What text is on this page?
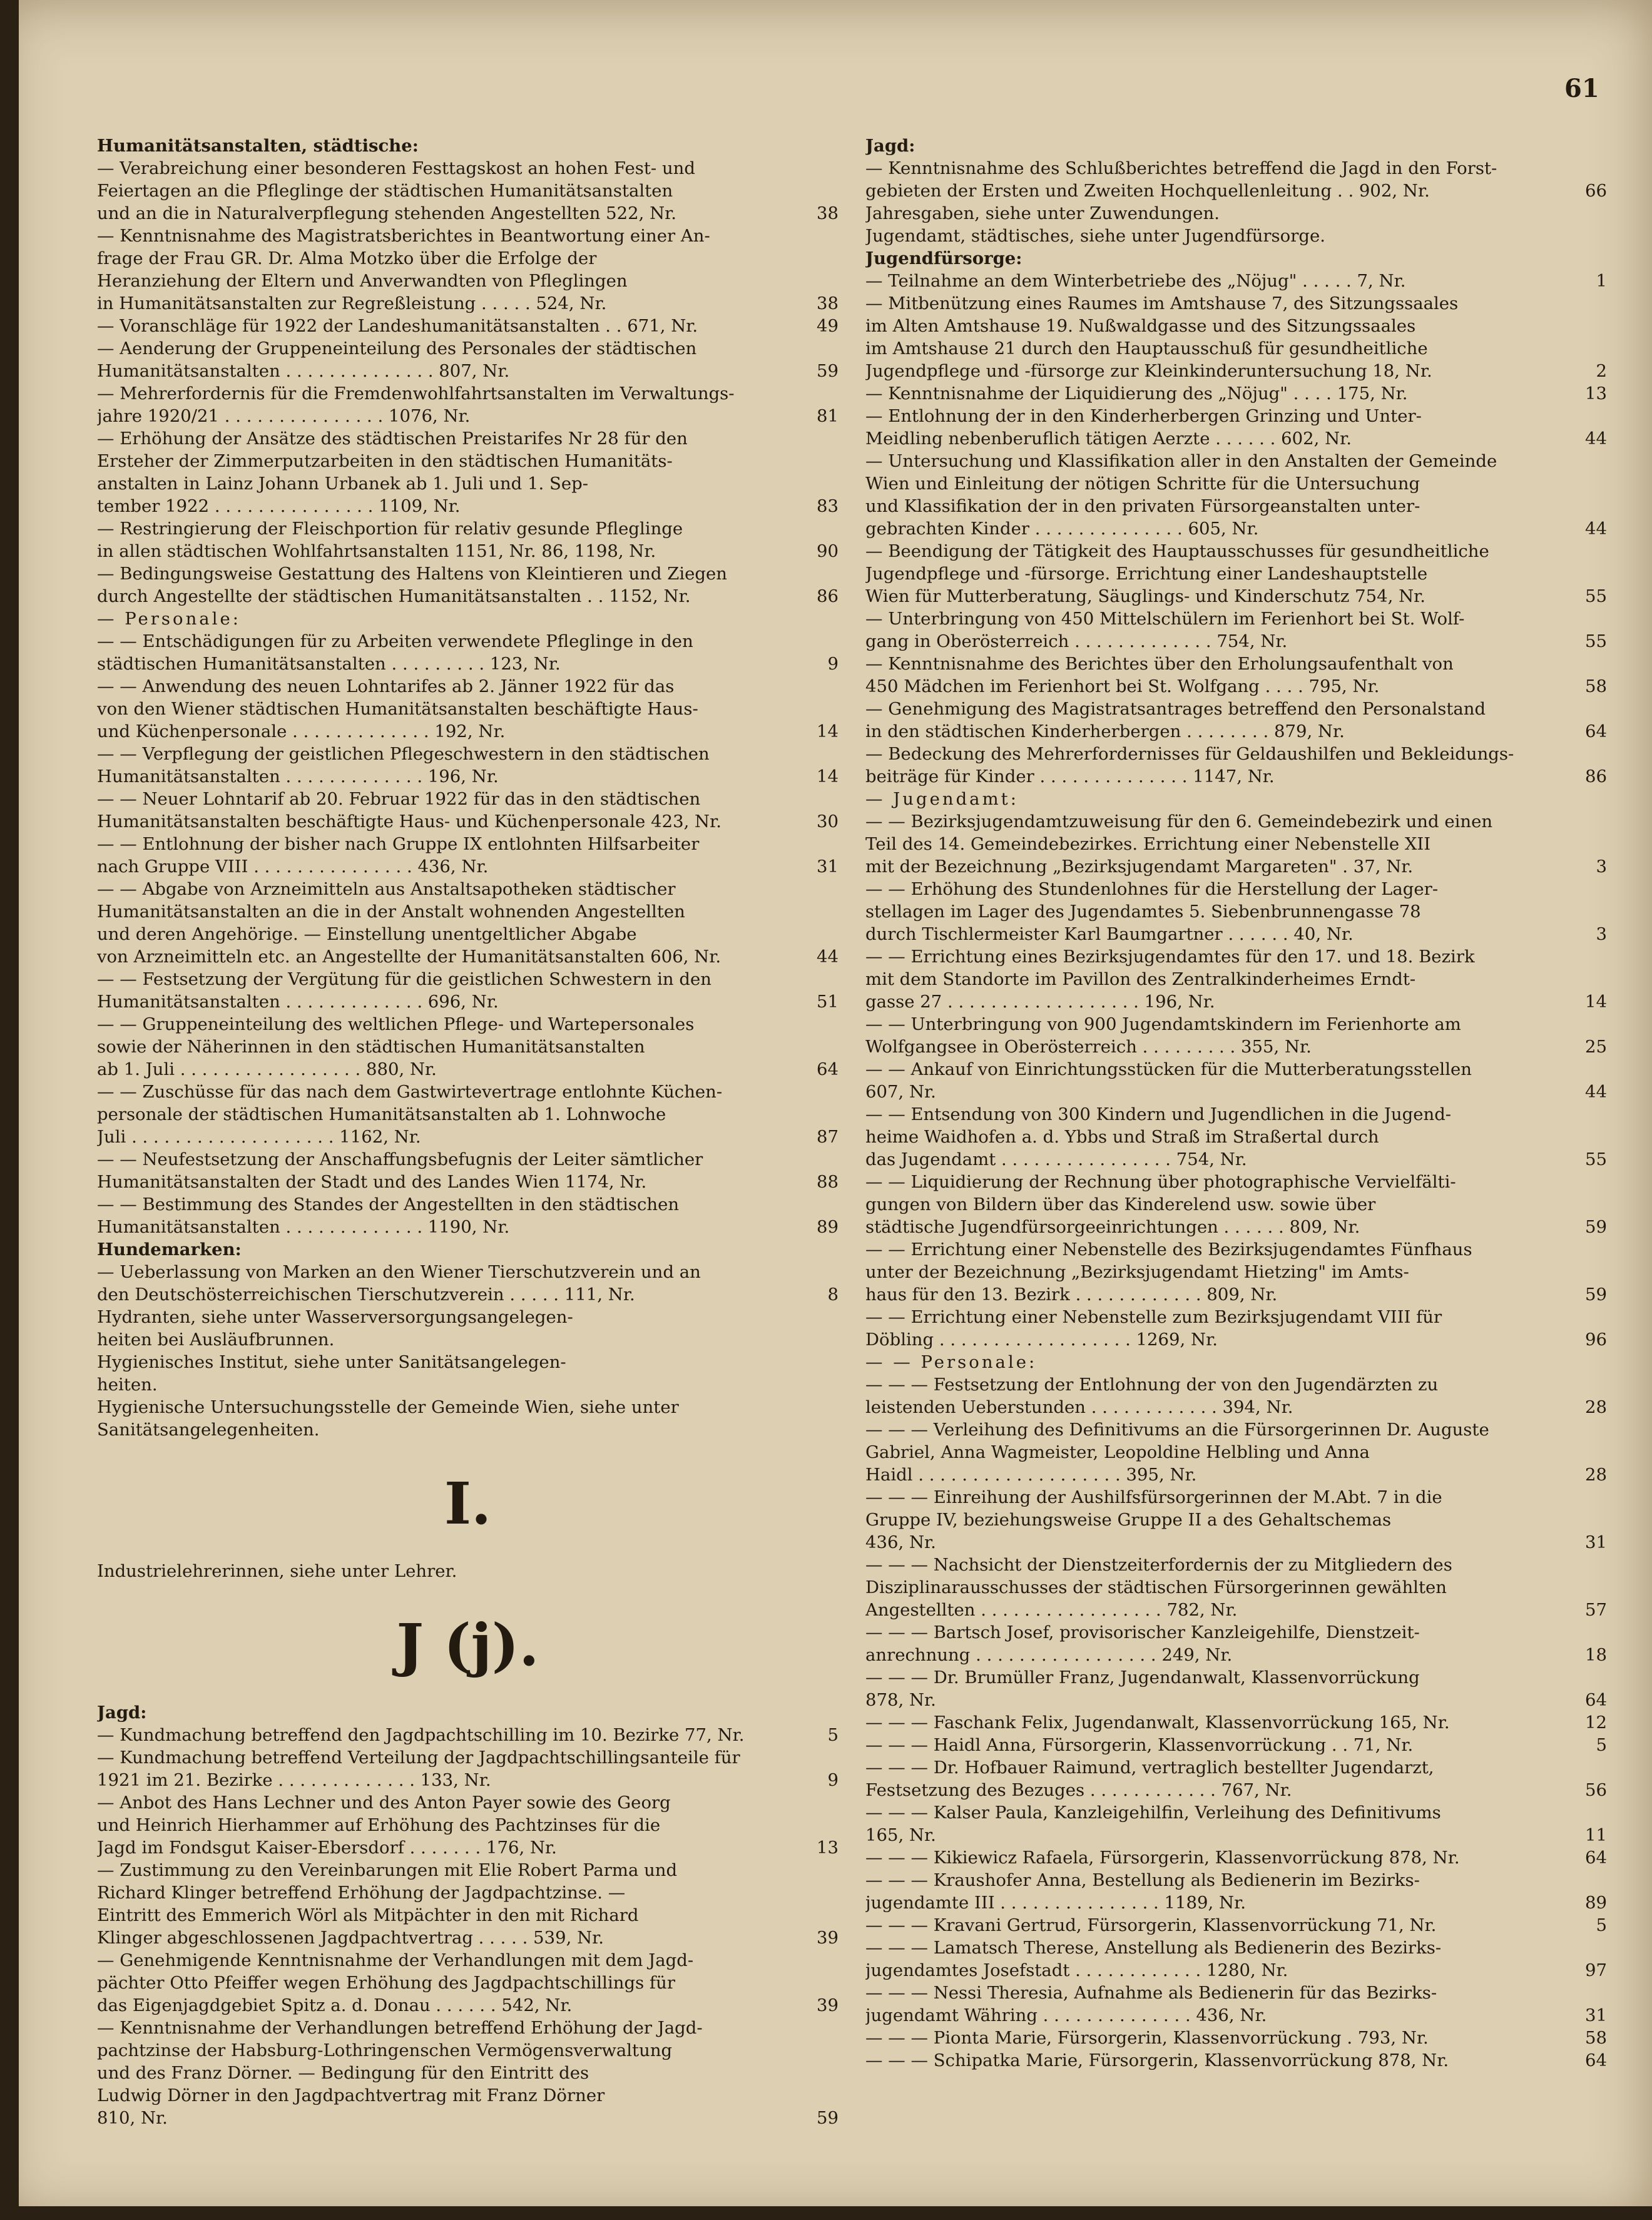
61
Humanitätsanstalten, städtische:
— Verabreichung einer besonderen Festtagskost an hohen Fest- und
Feiertagen an die Pfleglinge der städtischen Humanitätsanstalten
und an die in Naturalverpflegung stehenden Angestellten 522, Nr.	38
— Kenntnisnahme des Magistratsberichtes in Beantwortung einer An-
frage der Frau GR. Dr. Alma Motzko über die Erfolge der
Heranziehung der Eltern und Anverwandten von Pfleglingen
in Humanitätsanstalten zur Regreßleistung . . . . . 524, Nr.	38
— Voranschläge für 1922 der Landeshumanitätsanstalten . . 671, Nr.	49
— Aenderung der Gruppeneinteilung des Personales der städtischen
Humanitätsanstalten . . . . . . . . . . . . . . 807, Nr.	59
— Mehrerfordernis für die Fremdenwohlfahrtsanstalten im Verwaltungs-
jahre 1920/21 . . . . . . . . . . . . . . . 1076, Nr.	81
— Erhöhung der Ansätze des städtischen Preistarifes Nr 28 für den
Ersteher der Zimmerputzarbeiten in den städtischen Humanitäts-
anstalten in Lainz Johann Urbanek ab 1. Juli und 1. Sep-
tember 1922 . . . . . . . . . . . . . . . 1109, Nr.	83
— Restringierung der Fleischportion für relativ gesunde Pfleglinge
in allen städtischen Wohlfahrtsanstalten 1151, Nr. 86, 1198, Nr.	90
— Bedingungsweise Gestattung des Haltens von Kleintieren und Ziegen
durch Angestellte der städtischen Humanitätsanstalten . . 1152, Nr.	86
— Personale:
— — Entschädigungen für zu Arbeiten verwendete Pfleglinge in den
städtischen Humanitätsanstalten . . . . . . . . . 123, Nr.	9
— — Anwendung des neuen Lohntarifes ab 2. Jänner 1922 für das
von den Wiener städtischen Humanitätsanstalten beschäftigte Haus-
und Küchenpersonale . . . . . . . . . . . . . 192, Nr.	14
— — Verpflegung der geistlichen Pflegeschwestern in den städtischen
Humanitätsanstalten . . . . . . . . . . . . . 196, Nr.	14
— — Neuer Lohntarif ab 20. Februar 1922 für das in den städtischen
Humanitätsanstalten beschäftigte Haus- und Küchenpersonale 423, Nr.	30
— — Entlohnung der bisher nach Gruppe IX entlohnten Hilfsarbeiter
nach Gruppe VIII . . . . . . . . . . . . . . . 436, Nr.	31
— — Abgabe von Arzneimitteln aus Anstaltsapotheken städtischer
Humanitätsanstalten an die in der Anstalt wohnenden Angestellten
und deren Angehörige. — Einstellung unentgeltlicher Abgabe
von Arzneimitteln etc. an Angestellte der Humanitätsanstalten 606, Nr.	44
— — Festsetzung der Vergütung für die geistlichen Schwestern in den
Humanitätsanstalten . . . . . . . . . . . . . 696, Nr.	51
— — Gruppeneinteilung des weltlichen Pflege- und Wartepersonales
sowie der Näherinnen in den städtischen Humanitätsanstalten
ab 1. Juli . . . . . . . . . . . . . . . . . 880, Nr.	64
— — Zuschüsse für das nach dem Gastwirtevertrage entlohnte Küchen-
personale der städtischen Humanitätsanstalten ab 1. Lohnwoche
Juli . . . . . . . . . . . . . . . . . . . 1162, Nr.	87
— — Neufestsetzung der Anschaffungsbefugnis der Leiter sämtlicher
Humanitätsanstalten der Stadt und des Landes Wien 1174, Nr.	88
— — Bestimmung des Standes der Angestellten in den städtischen
Humanitätsanstalten . . . . . . . . . . . . . 1190, Nr.	89
Hundemarken:
— Ueberlassung von Marken an den Wiener Tierschutzverein und an
den Deutschösterreichischen Tierschutzverein . . . . . 111, Nr.	8
Hydranten, siehe unter Wasserversorgungsangelegen-
heiten bei Ausläufbrunnen.
Hygienisches Institut, siehe unter Sanitätsangelegen-
heiten.
Hygienische Untersuchungsstelle der Gemeinde Wien, siehe unter
Sanitätsangelegenheiten.
I.
Industrielehrerinnen, siehe unter Lehrer.
J (j).
Jagd:
— Kundmachung betreffend den Jagdpachtschilling im 10. Bezirke 77, Nr.	5
— Kundmachung betreffend Verteilung der Jagdpachtschillingsanteile für
1921 im 21. Bezirke . . . . . . . . . . . . . 133, Nr.	9
— Anbot des Hans Lechner und des Anton Payer sowie des Georg
und Heinrich Hierhammer auf Erhöhung des Pachtzinses für die
Jagd im Fondsgut Kaiser-Ebersdorf . . . . . . . 176, Nr.	13
— Zustimmung zu den Vereinbarungen mit Elie Robert Parma und
Richard Klinger betreffend Erhöhung der Jagdpachtzinse. —
Eintritt des Emmerich Wörl als Mitpächter in den mit Richard
Klinger abgeschlossenen Jagdpachtvertrag . . . . . 539, Nr.	39
— Genehmigende Kenntnisnahme der Verhandlungen mit dem Jagd-
pächter Otto Pfeiffer wegen Erhöhung des Jagdpachtschillings für
das Eigenjagdgebiet Spitz a. d. Donau . . . . . . 542, Nr.	39
— Kenntnisnahme der Verhandlungen betreffend Erhöhung der Jagd-
pachtzinse der Habsburg-Lothringenschen Vermögensverwaltung
und des Franz Dörner. — Bedingung für den Eintritt des
Ludwig Dörner in den Jagdpachtvertrag mit Franz Dörner
810, Nr.	59
Jagd:
— Kenntnisnahme des Schlußberichtes betreffend die Jagd in den Forst-
gebieten der Ersten und Zweiten Hochquellenleitung . . 902, Nr.	66
Jahresgaben, siehe unter Zuwendungen.
Jugendamt, städtisches, siehe unter Jugendfürsorge.
Jugendfürsorge:
— Teilnahme an dem Winterbetriebe des „Nöjug" . . . . . 7, Nr.	1
— Mitbenützung eines Raumes im Amtshause 7, des Sitzungssaales
im Alten Amtshause 19. Nußwaldgasse und des Sitzungssaales
im Amtshause 21 durch den Hauptausschuß für gesundheitliche
Jugendpflege und -fürsorge zur Kleinkinderuntersuchung 18, Nr.	2
— Kenntnisnahme der Liquidierung des „Nöjug" . . . . 175, Nr.	13
— Entlohnung der in den Kinderherbergen Grinzing und Unter-
Meidling nebenberuflich tätigen Aerzte . . . . . . 602, Nr.	44
— Untersuchung und Klassifikation aller in den Anstalten der Gemeinde
Wien und Einleitung der nötigen Schritte für die Untersuchung
und Klassifikation der in den privaten Fürsorgeanstalten unter-
gebrachten Kinder . . . . . . . . . . . . . . 605, Nr.	44
— Beendigung der Tätigkeit des Hauptausschusses für gesundheitliche
Jugendpflege und -fürsorge. Errichtung einer Landeshauptstelle
Wien für Mutterberatung, Säuglings- und Kinderschutz 754, Nr.	55
— Unterbringung von 450 Mittelschülern im Ferienhort bei St. Wolf-
gang in Oberösterreich . . . . . . . . . . . . . 754, Nr.	55
— Kenntnisnahme des Berichtes über den Erholungsaufenthalt von
450 Mädchen im Ferienhort bei St. Wolfgang . . . . 795, Nr.	58
— Genehmigung des Magistratsantrages betreffend den Personalstand
in den städtischen Kinderherbergen . . . . . . . . 879, Nr.	64
— Bedeckung des Mehrerfordernisses für Geldaushilfen und Bekleidungs-
beiträge für Kinder . . . . . . . . . . . . . . 1147, Nr.	86
— Jugendamt:
— — Bezirksjugendamtzuweisung für den 6. Gemeindebezirk und einen
Teil des 14. Gemeindebezirkes. Errichtung einer Nebenstelle XII
mit der Bezeichnung „Bezirksjugendamt Margareten" . 37, Nr.	3
— — Erhöhung des Stundenlohnes für die Herstellung der Lager-
stellagen im Lager des Jugendamtes 5. Siebenbrunnengasse 78
durch Tischlermeister Karl Baumgartner . . . . . . 40, Nr.	3
— — Errichtung eines Bezirksjugendamtes für den 17. und 18. Bezirk
mit dem Standorte im Pavillon des Zentralkinderheimes Erndt-
gasse 27 . . . . . . . . . . . . . . . . . . 196, Nr.	14
— — Unterbringung von 900 Jugendamtskindern im Ferienhorte am
Wolfgangsee in Oberösterreich . . . . . . . . . 355, Nr.	25
— — Ankauf von Einrichtungsstücken für die Mutterberatungsstellen
607, Nr.	44
— — Entsendung von 300 Kindern und Jugendlichen in die Jugend-
heime Waidhofen a. d. Ybbs und Straß im Straßertal durch
das Jugendamt . . . . . . . . . . . . . . . . 754, Nr.	55
— — Liquidierung der Rechnung über photographische Vervielfälti-
gungen von Bildern über das Kinderelend usw. sowie über
städtische Jugendfürsorgeeinrichtungen . . . . . . 809, Nr.	59
— — Errichtung einer Nebenstelle des Bezirksjugendamtes Fünfhaus
unter der Bezeichnung „Bezirksjugendamt Hietzing" im Amts-
haus für den 13. Bezirk . . . . . . . . . . . . 809, Nr.	59
— — Errichtung einer Nebenstelle zum Bezirksjugendamt VIII für
Döbling . . . . . . . . . . . . . . . . . . 1269, Nr.	96
— — Personale:
— — — Festsetzung der Entlohnung der von den Jugendärzten zu
leistenden Ueberstunden . . . . . . . . . . . . 394, Nr.	28
— — — Verleihung des Definitivums an die Fürsorgerinnen Dr. Auguste
Gabriel, Anna Wagmeister, Leopoldine Helbling und Anna
Haidl . . . . . . . . . . . . . . . . . . . 395, Nr.	28
— — — Einreihung der Aushilfsfürsorgerinnen der M.Abt. 7 in die
Gruppe IV, beziehungsweise Gruppe II a des Gehaltschemas
436, Nr.	31
— — — Nachsicht der Dienstzeiterfordernis der zu Mitgliedern des
Disziplinarausschusses der städtischen Fürsorgerinnen gewählten
Angestellten . . . . . . . . . . . . . . . . . 782, Nr.	57
— — — Bartsch Josef, provisorischer Kanzleigehilfe, Dienstzeit-
anrechnung . . . . . . . . . . . . . . . . . 249, Nr.	18
— — — Dr. Brumüller Franz, Jugendanwalt, Klassenvorrückung
878, Nr.	64
— — — Faschank Felix, Jugendanwalt, Klassenvorrückung 165, Nr.	12
— — — Haidl Anna, Fürsorgerin, Klassenvorrückung . . 71, Nr.	5
— — — Dr. Hofbauer Raimund, vertraglich bestellter Jugendarzt,
Festsetzung des Bezuges . . . . . . . . . . . . 767, Nr.	56
— — — Kalser Paula, Kanzleigehilfin, Verleihung des Definitivums
165, Nr.	11
— — — Kikiewicz Rafaela, Fürsorgerin, Klassenvorrückung 878, Nr.	64
— — — Kraushofer Anna, Bestellung als Bedienerin im Bezirks-
jugendamte III . . . . . . . . . . . . . . . 1189, Nr.	89
— — — Kravani Gertrud, Fürsorgerin, Klassenvorrückung 71, Nr.	5
— — — Lamatsch Therese, Anstellung als Bedienerin des Bezirks-
jugendamtes Josefstadt . . . . . . . . . . . . 1280, Nr.	97
— — — Nessi Theresia, Aufnahme als Bedienerin für das Bezirks-
jugendamt Währing . . . . . . . . . . . . . . 436, Nr.	31
— — — Pionta Marie, Fürsorgerin, Klassenvorrückung . 793, Nr.	58
— — — Schipatka Marie, Fürsorgerin, Klassenvorrückung 878, Nr.	64
